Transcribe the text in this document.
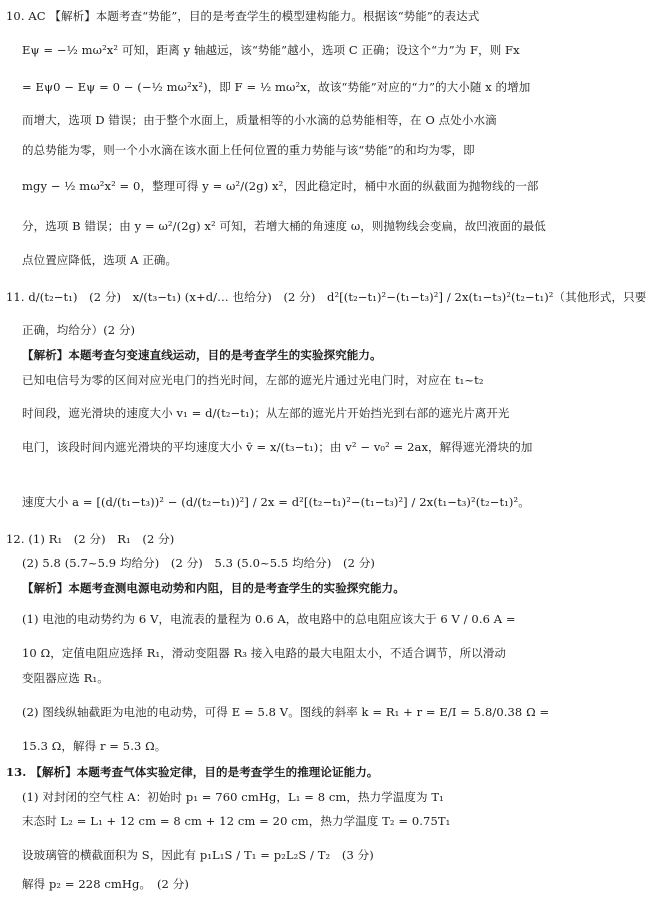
10. AC 【解析】本题考查“势能”，目的是考查学生的模型建构能力。根据该“势能”的表达式
Eψ = −½ mω²x² 可知，距离 y 轴越远，该“势能”越小，选项 C 正确；设这个“力”为 F，则 Fx
= Eψ0 − Eψ = 0 − (−½ mω²x²)，即 F = ½ mω²x，故该“势能”对应的“力”的大小随 x 的增加
而增大，选项 D 错误；由于整个水面上，质量相等的小水滴的总势能相等，在 O 点处小水滴
的总势能为零，则一个小水滴在该水面上任何位置的重力势能与该“势能”的和均为零，即
mgy − ½ mω²x² = 0，整理可得 y = ω²/(2g) x²，因此稳定时，桶中水面的纵截面为抛物线的一部
分，选项 B 错误；由 y = ω²/(2g) x² 可知，若增大桶的角速度 ω，则抛物线会变扁，故凹液面的最低
点位置应降低，选项 A 正确。
11. d/(t₂−t₁)　(2 分)　x/(t₃−t₁) (x+d/… 也给分)　(2 分)　d²[(t₂−t₁)²−(t₁−t₃)²] / 2x(t₁−t₃)²(t₂−t₁)²（其他形式，只要
正确，均给分）(2 分)
【解析】本题考查匀变速直线运动，目的是考查学生的实验探究能力。
已知电信号为零的区间对应光电门的挡光时间，左部的遮光片通过光电门时，对应在 t₁~t₂
时间段，遮光滑块的速度大小 v₁ = d/(t₂−t₁)；从左部的遮光片开始挡光到右部的遮光片离开光
电门，该段时间内遮光滑块的平均速度大小 v̄ = x/(t₃−t₁)；由 v² − v₀² = 2ax，解得遮光滑块的加
速度大小 a = [(d/(t₁−t₃))² − (d/(t₂−t₁))²] / 2x = d²[(t₂−t₁)²−(t₁−t₃)²] / 2x(t₁−t₃)²(t₂−t₁)²。
12. (1) R₁　(2 分)　R₁　(2 分)
(2) 5.8 (5.7~5.9 均给分)　(2 分)　5.3 (5.0~5.5 均给分)　(2 分)
【解析】本题考查测电源电动势和内阻，目的是考查学生的实验探究能力。
(1) 电池的电动势约为 6 V，电流表的量程为 0.6 A，故电路中的总电阻应该大于 6 V / 0.6 A =
10 Ω，定值电阻应选择 R₁，滑动变阻器 R₃ 接入电路的最大电阻太小，不适合调节，所以滑动
变阻器应选 R₁。
(2) 图线纵轴截距为电池的电动势，可得 E = 5.8 V。图线的斜率 k = R₁ + r = E/I = 5.8/0.38 Ω =
15.3 Ω，解得 r = 5.3 Ω。
13. 【解析】本题考查气体实验定律，目的是考查学生的推理论证能力。
(1) 对封闭的空气柱 A：初始时 p₁ = 760 cmHg，L₁ = 8 cm，热力学温度为 T₁
末态时 L₂ = L₁ + 12 cm = 8 cm + 12 cm = 20 cm，热力学温度 T₂ = 0.75T₁
设玻璃管的横截面积为 S，因此有 p₁L₁S / T₁ = p₂L₂S / T₂　(3 分)
解得 p₂ = 228 cmHg。　(2 分)
